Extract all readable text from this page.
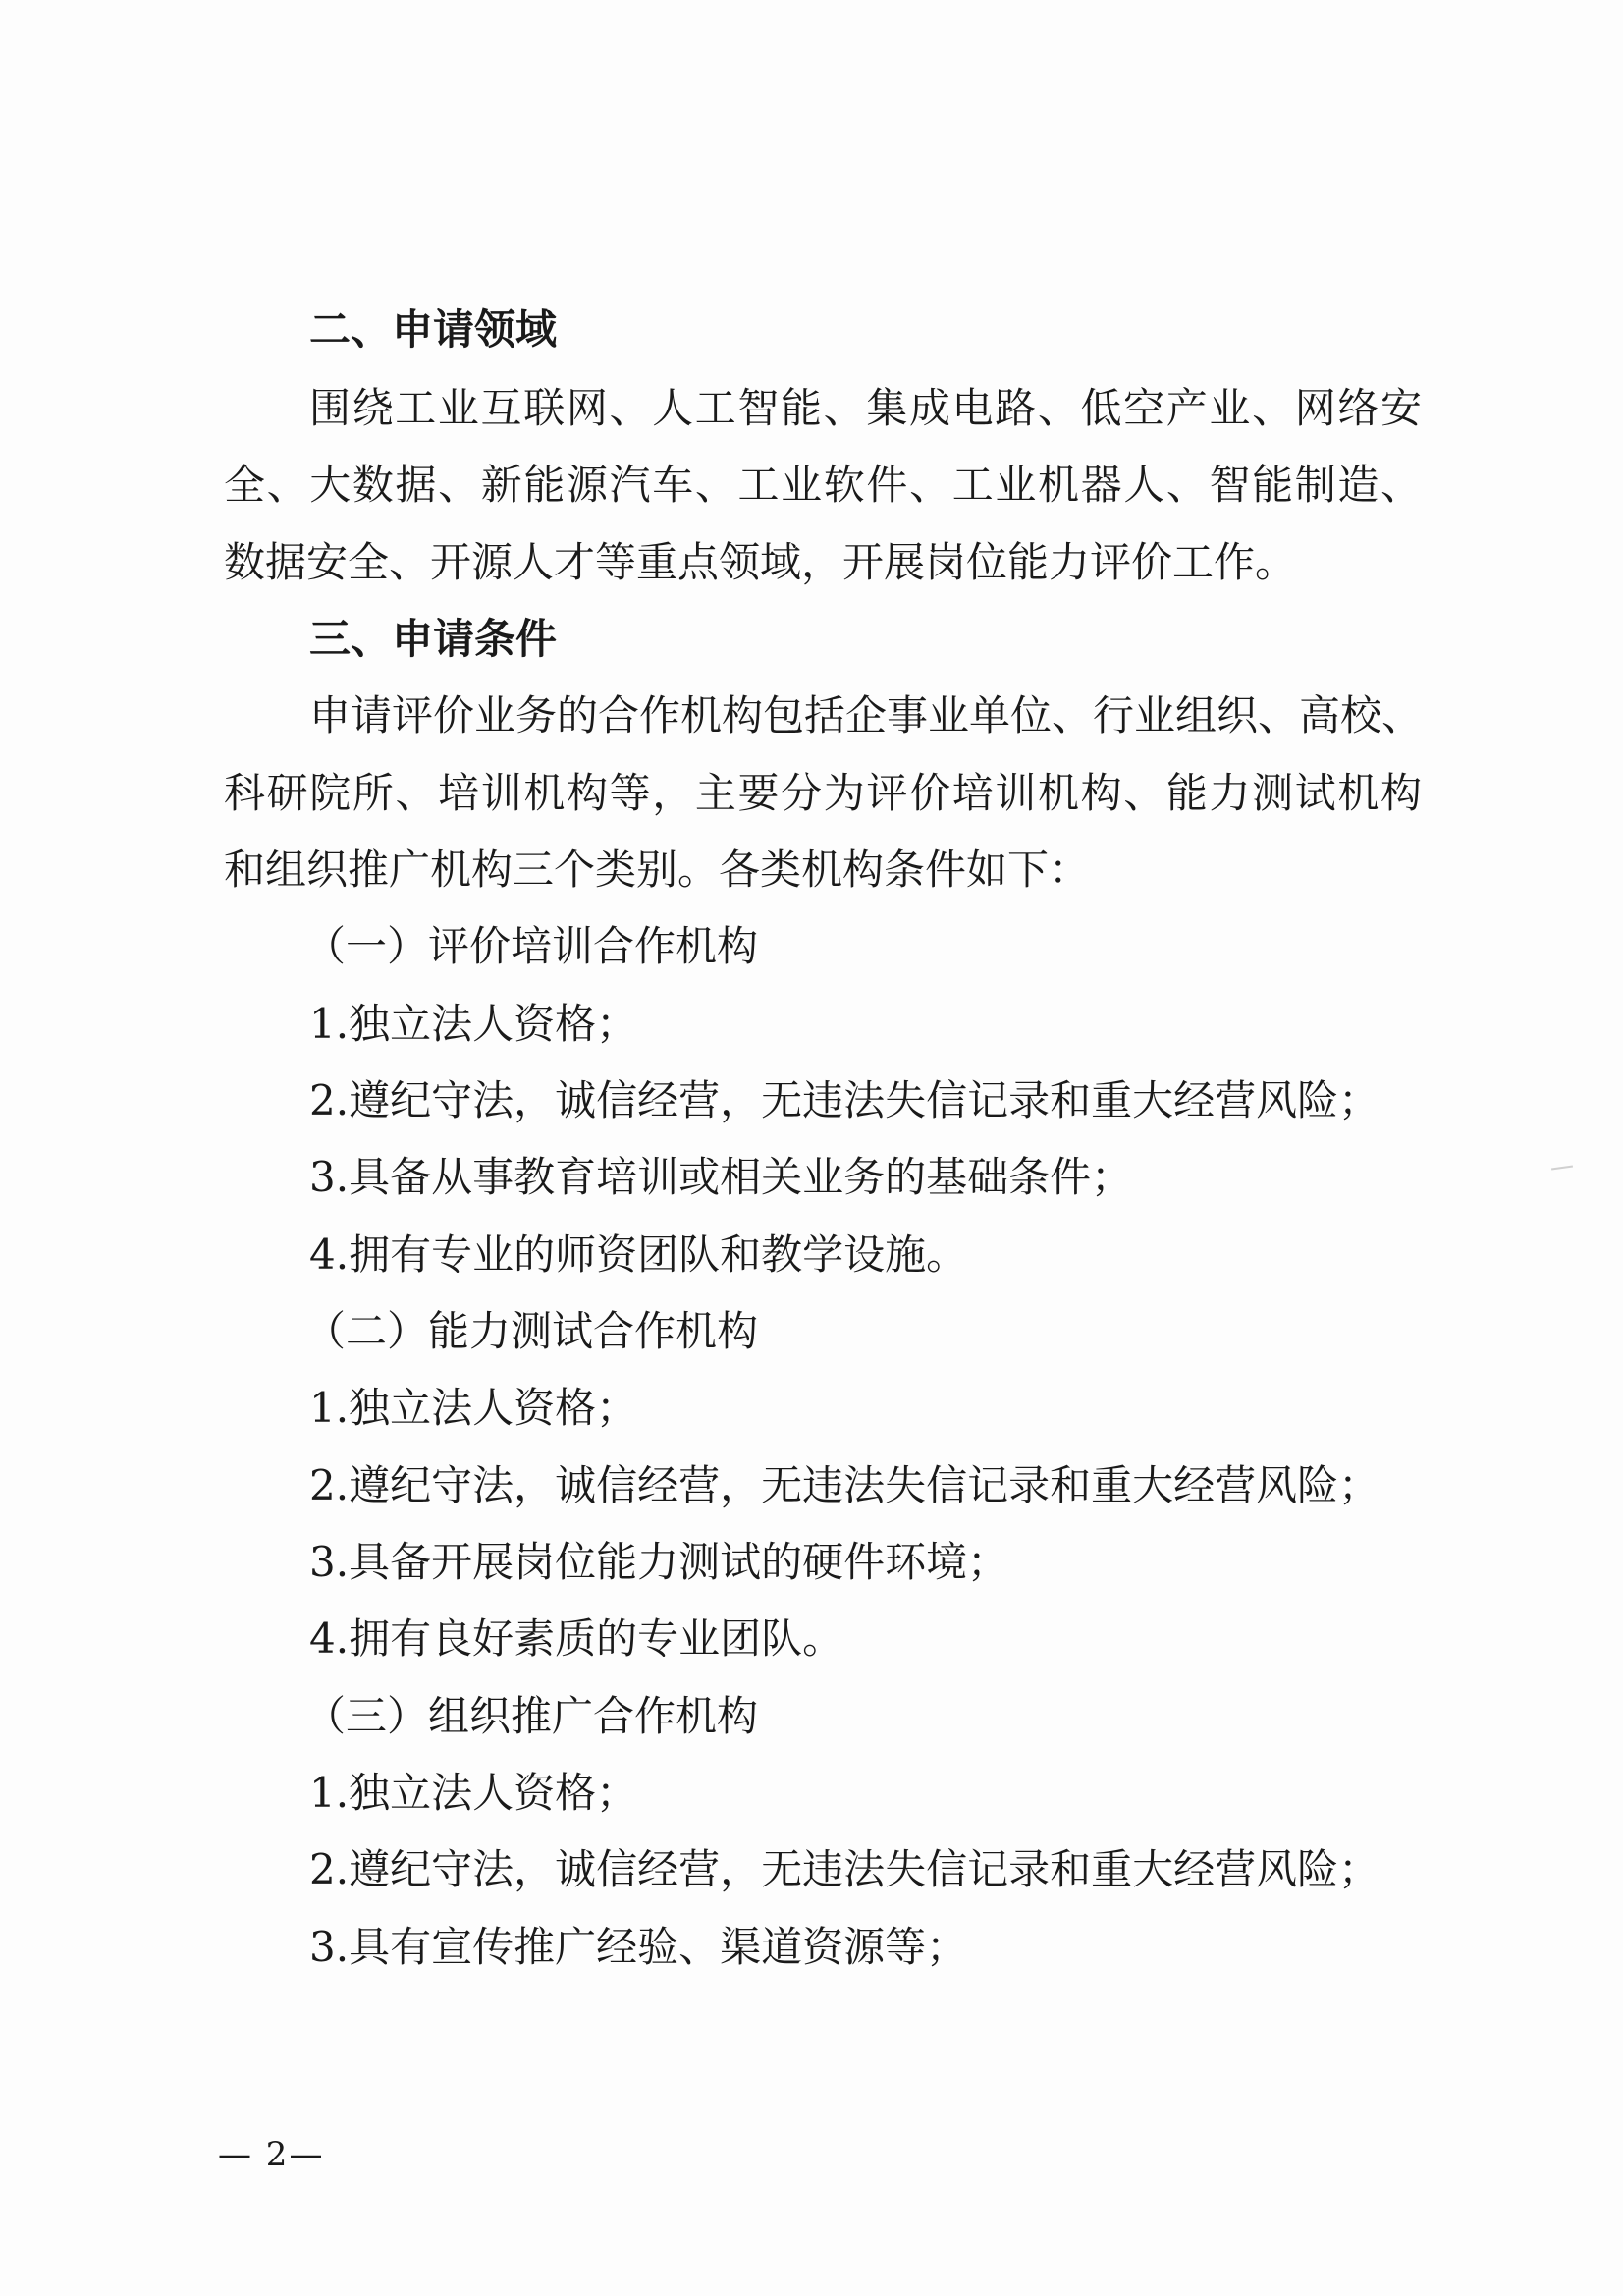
二、申请领域
围绕工业互联网、人工智能、集成电路、低空产业、网络安
全、大数据、新能源汽车、工业软件、工业机器人、智能制造、
数据安全、开源人才等重点领域，开展岗位能力评价工作。
三、申请条件
申请评价业务的合作机构包括企事业单位、行业组织、高校、
科研院所、培训机构等，主要分为评价培训机构、能力测试机构
和组织推广机构三个类别。各类机构条件如下：
（一）评价培训合作机构
1.独立法人资格；
2.遵纪守法，诚信经营，无违法失信记录和重大经营风险；
3.具备从事教育培训或相关业务的基础条件；
4.拥有专业的师资团队和教学设施。
（二）能力测试合作机构
1.独立法人资格；
2.遵纪守法，诚信经营，无违法失信记录和重大经营风险；
3.具备开展岗位能力测试的硬件环境；
4.拥有良好素质的专业团队。
（三）组织推广合作机构
1.独立法人资格；
2.遵纪守法，诚信经营，无违法失信记录和重大经营风险；
3.具有宣传推广经验、渠道资源等；
— 2—
